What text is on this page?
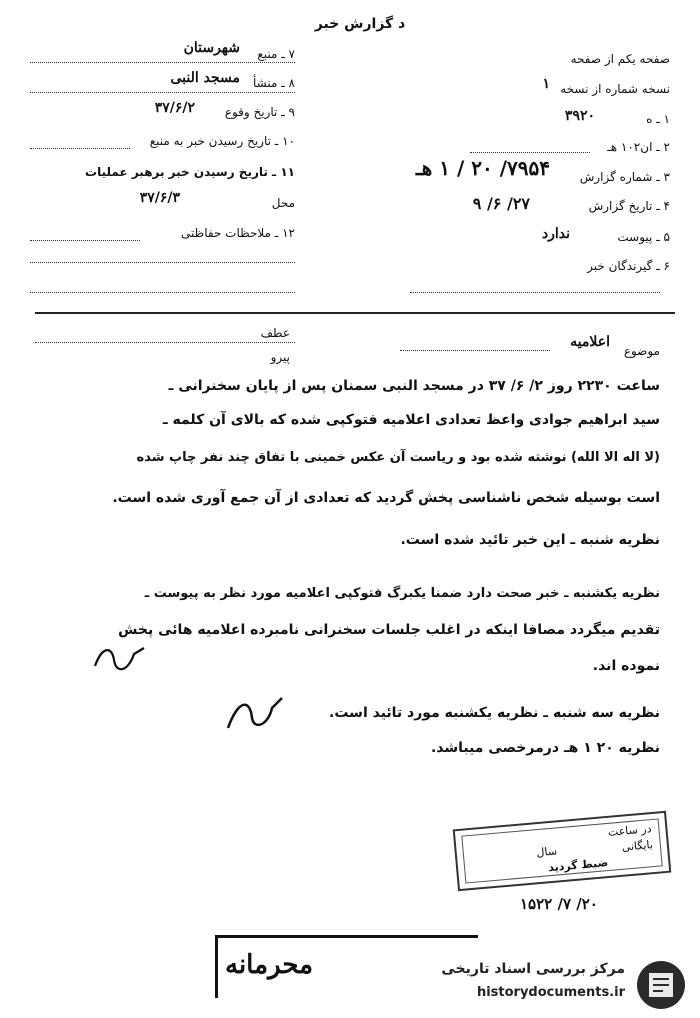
د گزارش خبر
صفحه یکم از صفحه
نسخه شماره از نسخه
۱
۱ ـ ه
۳۹۲۰
۲ ـ ان۱۰۲ هـ
۳ ـ شماره گزارش
۷۹۵۴/ ۲۰ / ۱ هـ
۴ ـ تاریخ گزارش
۲۷/ ۶/ ۹
۵ ـ پیوست
ندارد
۶ ـ گیرندگان خبر
۷ ـ منبع
شهرستان
۸ ـ منشأ
مسجد النبی
۹ ـ تاریخ وقوع
۳۷/۶/۲
۱۰ ـ تاریخ رسیدن خبر به منبع
۱۱ ـ تاریخ رسیدن خبر برهبر عملیات
محل
۳۷/۶/۳
۱۲ ـ ملاحظات حفاظتی
موضوع
اعلامیه
عطف
پیرو
ساعت ۲۲۳۰ روز ۲/ ۶/ ۳۷ در مسجد النبی سمنان پس از پایان سخنرانی ـ
سید ابراهیم جوادی واعظ تعدادی اعلامیه فتوکپی شده که بالای آن کلمه ـ
(لا اله الا الله) نوشته شده بود و ریاست آن عکس خمینی با تفاق چند نفر چاپ شده
است بوسیله شخص ناشناسی پخش گردید که تعدادی از آن جمع آوری شده است.
نظریه شنبه ـ این خبر تائید شده است.
نظریه یکشنبه ـ خبر صحت دارد ضمنا یکبرگ فتوکپی اعلامیه مورد نظر به پیوست ـ
تقدیم میگردد مصافا اینکه در اغلب جلسات سخنرانی نامبرده اعلامیه هائی پخش
نموده اند.
نظریه سه شنبه ـ نظریه یکشنبه مورد تائید است.
نظریه ۲۰ ۱ هـ درمرخصی میباشد.
در ساعت
بایگانی
سال
ضبط گردید
۲۰/ ۷/ ۱۵۲۲
محرمانه	مرکز بررسی اسناد تاریخی
historydocuments.ir
